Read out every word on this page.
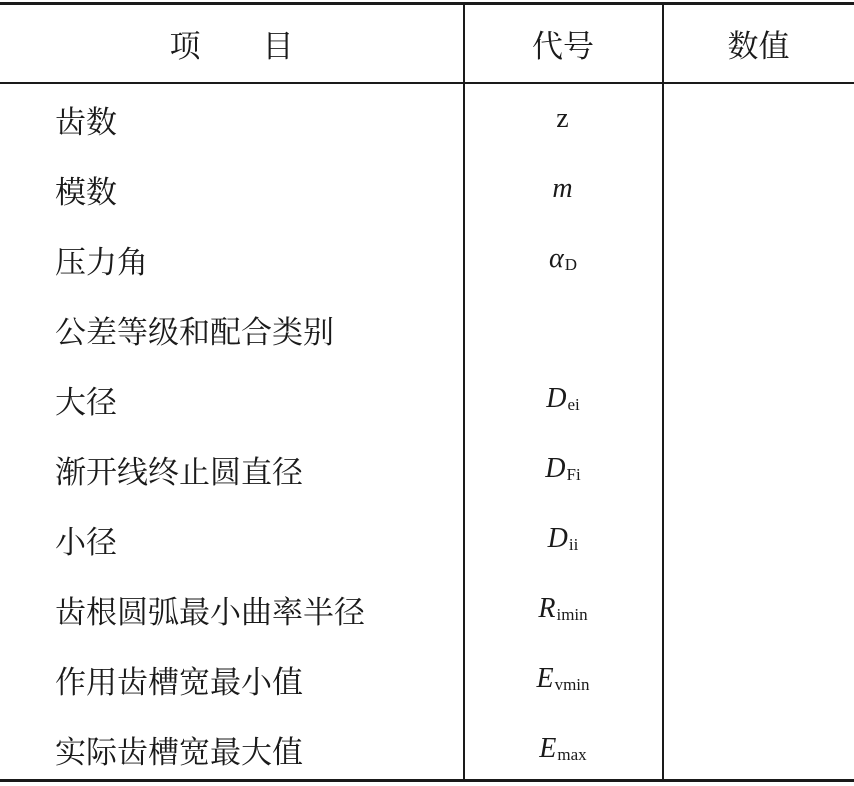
项　　目	代号	数值
齿数	z
模数	m
压力角	$\alpha_D$
公差等级和配合类别
大径	$D_{ei}$
渐开线终止圆直径	$D_{Fi}$
小径	$D_{ii}$
齿根圆弧最小曲率半径	$R_{imin}$
作用齿槽宽最小值	$E_{vmin}$
实际齿槽宽最大值	$E_{max}$
